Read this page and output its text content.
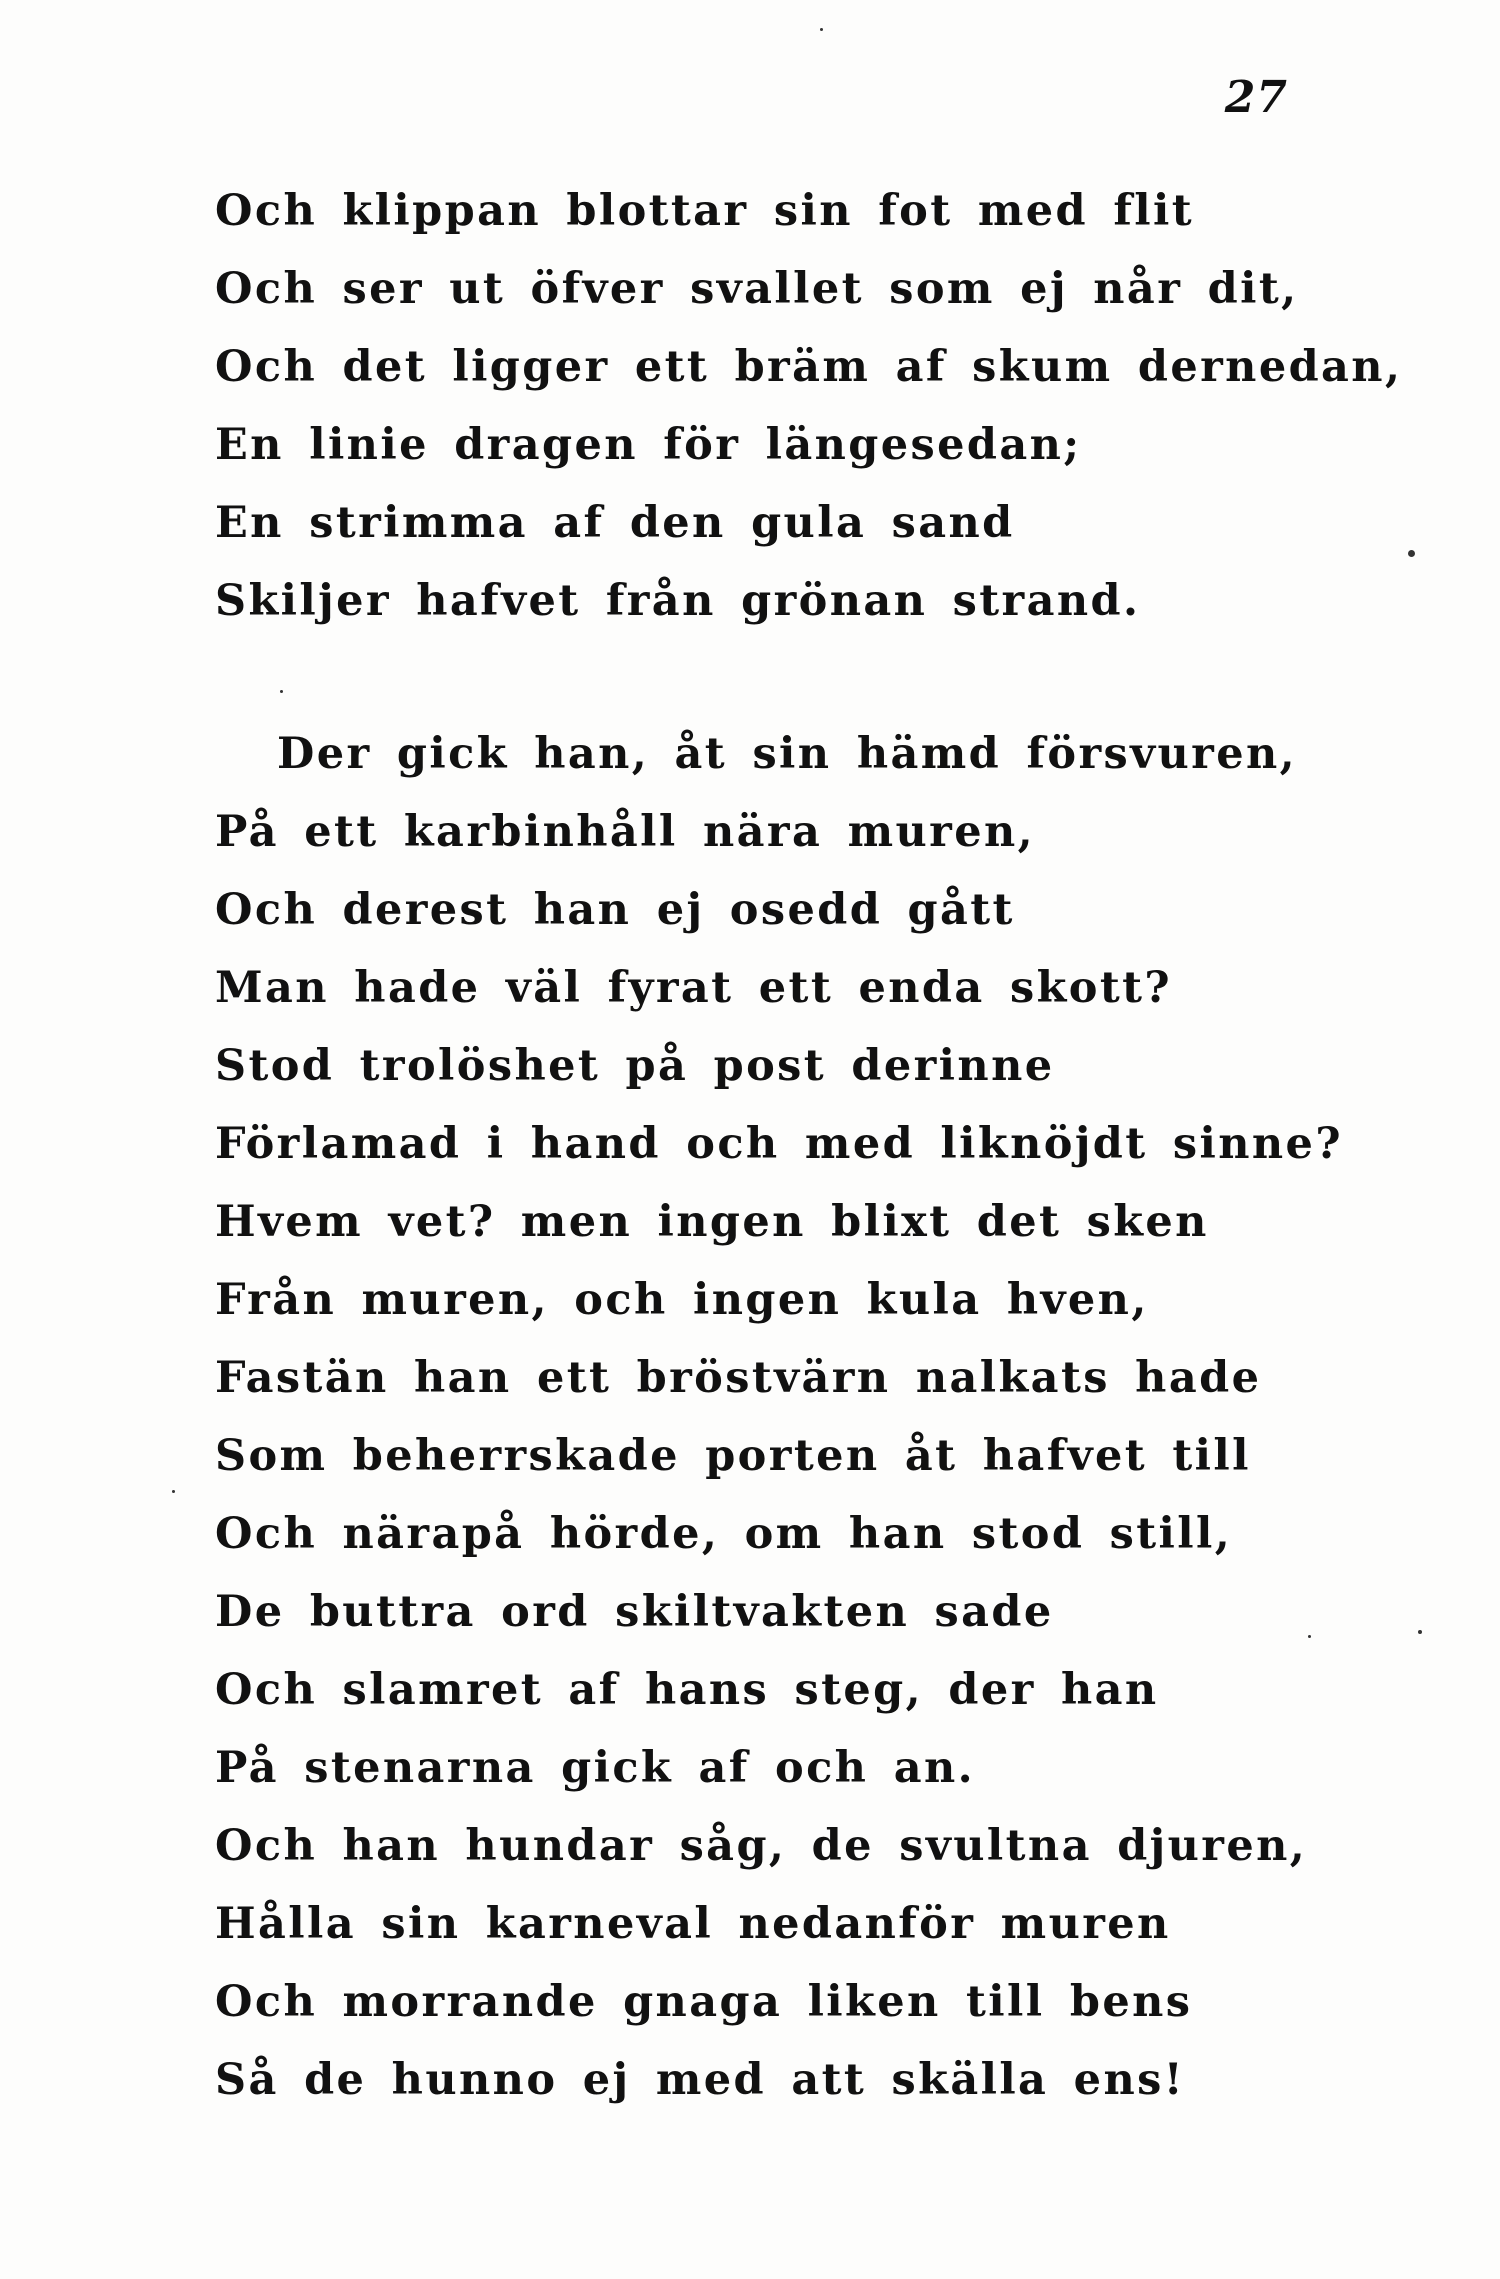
27
Och klippan blottar sin fot med flit
Och ser ut öfver svallet som ej når dit,
Och det ligger ett bräm af skum dernedan,
En linie dragen för längesedan;
En strimma af den gula sand
Skiljer hafvet från grönan strand.
Der gick han, åt sin hämd försvuren,
På ett karbinhåll nära muren,
Och derest han ej osedd gått
Man hade väl fyrat ett enda skott?
Stod trolöshet på post derinne
Förlamad i hand och med liknöjdt sinne?
Hvem vet? men ingen blixt det sken
Från muren, och ingen kula hven,
Fastän han ett bröstvärn nalkats hade
Som beherrskade porten åt hafvet till
Och närapå hörde, om han stod still,
De buttra ord skiltvakten sade
Och slamret af hans steg, der han
På stenarna gick af och an.
Och han hundar såg, de svultna djuren,
Hålla sin karneval nedanför muren
Och morrande gnaga liken till bens
Så de hunno ej med att skälla ens!
